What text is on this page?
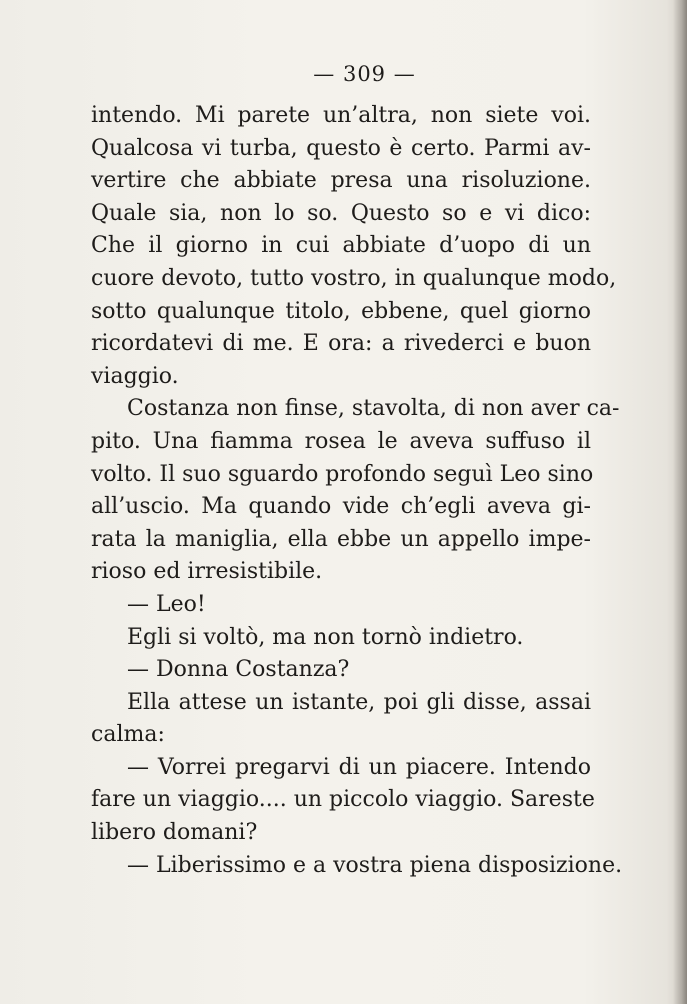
— 309 —
intendo. Mi parete un’altra, non siete voi.
Qualcosa vi turba, questo è certo. Parmi av-
vertire che abbiate presa una risoluzione.
Quale sia, non lo so. Questo so e vi dico:
Che il giorno in cui abbiate d’uopo di un
cuore devoto, tutto vostro, in qualunque modo,
sotto qualunque titolo, ebbene, quel giorno
ricordatevi di me. E ora: a rivederci e buon
viaggio.
Costanza non finse, stavolta, di non aver ca-
pito. Una fiamma rosea le aveva suffuso il
volto. Il suo sguardo profondo seguì Leo sino
all’uscio. Ma quando vide ch’egli aveva gi-
rata la maniglia, ella ebbe un appello impe-
rioso ed irresistibile.
— Leo!
Egli si voltò, ma non tornò indietro.
— Donna Costanza?
Ella attese un istante, poi gli disse, assai
calma:
— Vorrei pregarvi di un piacere. Intendo
fare un viaggio.... un piccolo viaggio. Sareste
libero domani?
— Liberissimo e a vostra piena disposizione.
